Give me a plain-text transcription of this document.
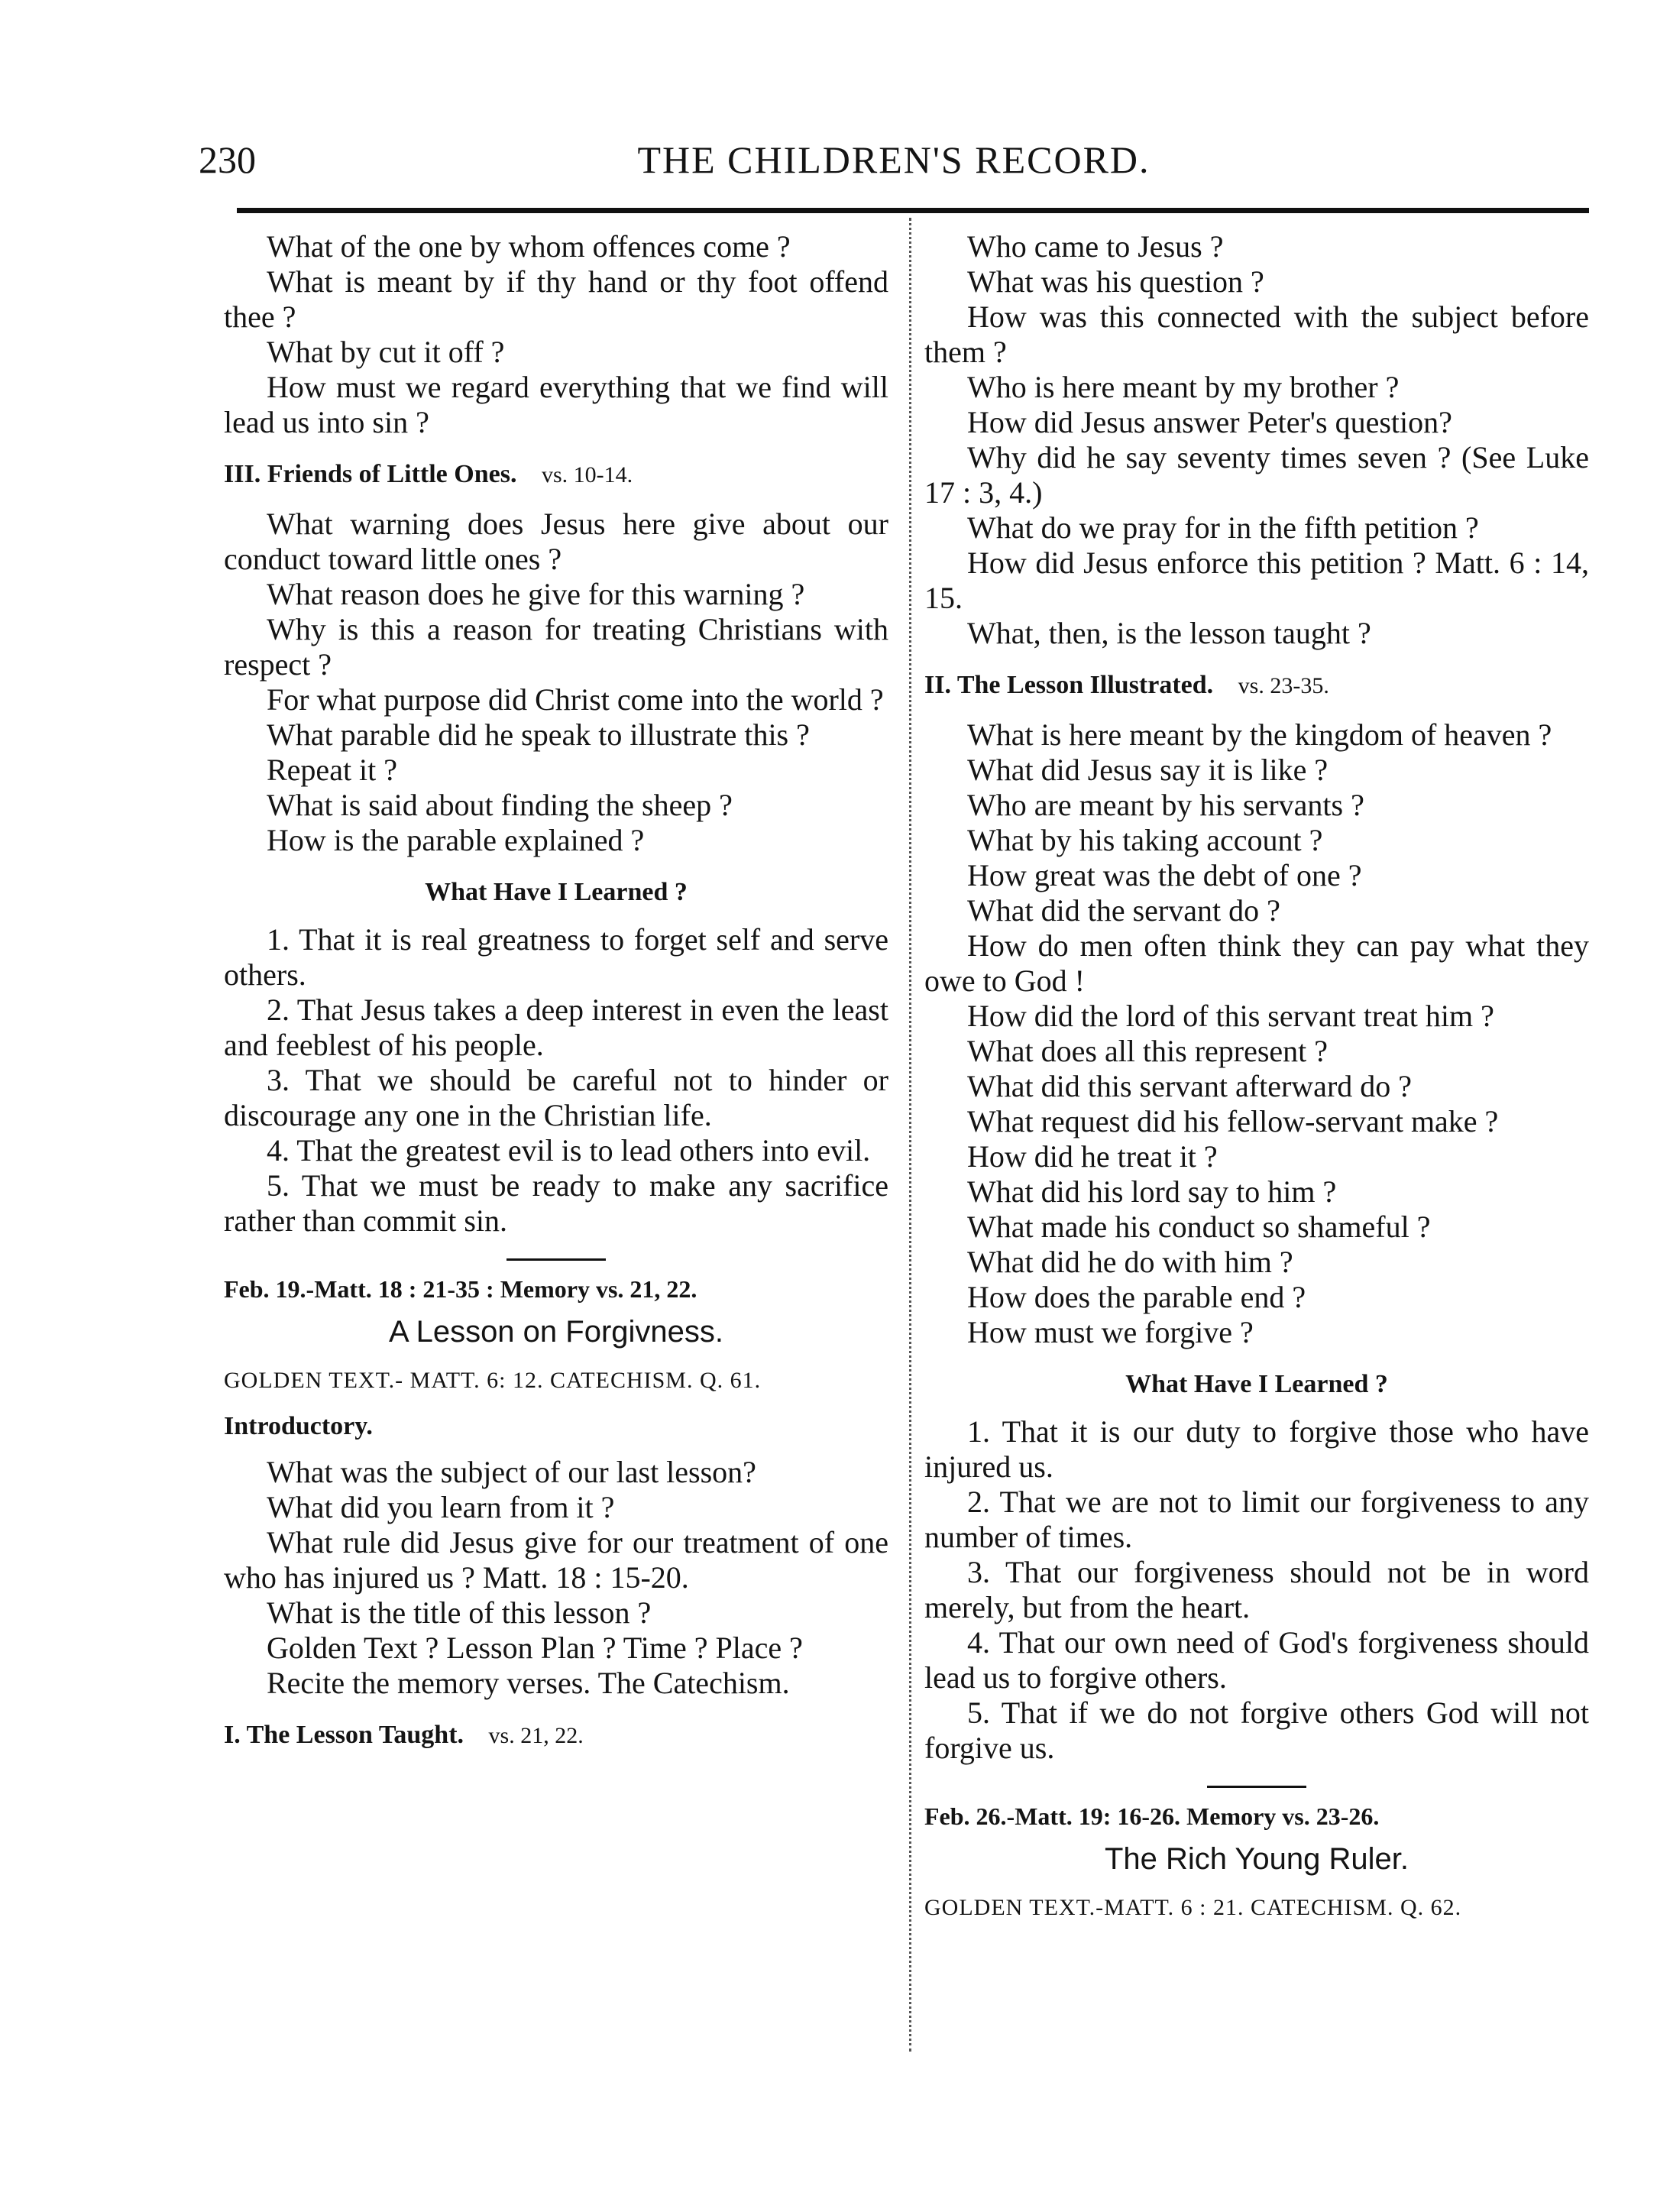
230	THE CHILDREN'S RECORD.

What of the one by whom offences come ?

What is meant by if thy hand or thy foot offend thee ?

What by cut it off ?

How must we regard everything that we find will lead us into sin ?

III. Friends of Little Ones. vs. 10-14.

What warning does Jesus here give about our conduct toward little ones ?

What reason does he give for this warning ?

Why is this a reason for treating Christians with respect ?

For what purpose did Christ come into the world ?

What parable did he speak to illustrate this ?

Repeat it ?

What is said about finding the sheep ?

How is the parable explained ?

What Have I Learned ?

1. That it is real greatness to forget self and serve others.

2. That Jesus takes a deep interest in even the least and feeblest of his people.

3. That we should be careful not to hinder or discourage any one in the Christian life.

4. That the greatest evil is to lead others into evil.

5. That we must be ready to make any sacrifice rather than commit sin.

Feb. 19.-Matt. 18 : 21-35 : Memory vs. 21, 22.
A Lesson on Forgivness.
GOLDEN TEXT.- MATT. 6: 12. CATECHISM. Q. 61.
Introductory.

What was the subject of our last lesson?

What did you learn from it ?

What rule did Jesus give for our treatment of one who has injured us ? Matt. 18 : 15-20.

What is the title of this lesson ?

Golden Text ? Lesson Plan ? Time ? Place ?

Recite the memory verses. The Catechism.

I. The Lesson Taught. vs. 21, 22.

Who came to Jesus ?

What was his question ?

How was this connected with the subject before them ?

Who is here meant by my brother ?

How did Jesus answer Peter's question?

Why did he say seventy times seven ? (See Luke 17 : 3, 4.)

What do we pray for in the fifth petition ?

How did Jesus enforce this petition ? Matt. 6 : 14, 15.

What, then, is the lesson taught ?

II. The Lesson Illustrated. vs. 23-35.

What is here meant by the kingdom of heaven ?

What did Jesus say it is like ?

Who are meant by his servants ?

What by his taking account ?

How great was the debt of one ?

What did the servant do ?

How do men often think they can pay what they owe to God !

How did the lord of this servant treat him ?

What does all this represent ?

What did this servant afterward do ?

What request did his fellow-servant make ?

How did he treat it ?

What did his lord say to him ?

What made his conduct so shameful ?

What did he do with him ?

How does the parable end ?

How must we forgive ?

What Have I Learned ?

1. That it is our duty to forgive those who have injured us.

2. That we are not to limit our forgiveness to any number of times.

3. That our forgiveness should not be in word merely, but from the heart.

4. That our own need of God's forgiveness should lead us to forgive others.

5. That if we do not forgive others God will not forgive us.

Feb. 26.-Matt. 19: 16-26. Memory vs. 23-26.
The Rich Young Ruler.
GOLDEN TEXT.-MATT. 6 : 21. CATECHISM. Q. 62.
